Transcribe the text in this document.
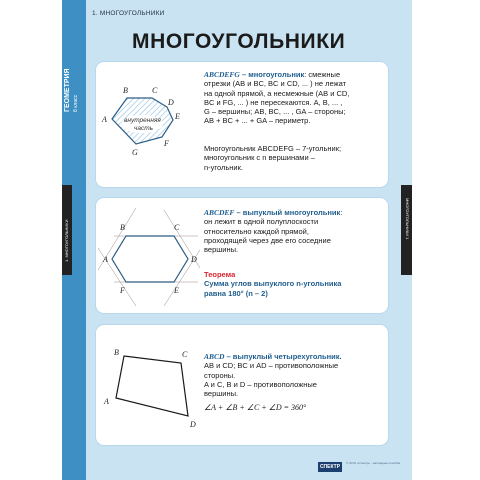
ГЕОМЕТРИЯ 8 класс
1. МНОГОУГОЛЬНИКИ
МНОГОУГОЛЬНИКИ
1. МНОГОУГОЛЬНИКИ
МНОГОУГОЛЬНИКИ 1
внутренняя
часть
A
B	C
D
E
F
G
ABCDEFG – многоугольник: смежные
отрезки (AB и BC, BC и CD, ... ) не лежат
на одной прямой, а несмежные (AB и CD,
BC и FG, ... ) не пересекаются. A, B, ... ,
G – вершины; AB, BC, ... , GA – стороны;
AB + BC + ... + GA – периметр.
Многоугольник ABCDEFG – 7-угольник;
многоугольник с n вершинами –
n-угольник.
A
B	C
D
E
F
ABCDEF – выпуклый многоугольник:
он лежит в одной полуплоскости
относительно каждой прямой,
проходящей через две его соседние
вершины.
Теорема
Сумма углов выпуклого n-угольника
равна 180° (n – 2)
A
B	C
D
ABCD – выпуклый четырехугольник.
AB и CD; BC и AD – противоположные
стороны.
A и C, B и D – противоположные
вершины.
∠A + ∠B + ∠C + ∠D = 360°
СПЕКТР
© ООО «Спектр» · наглядные пособия
